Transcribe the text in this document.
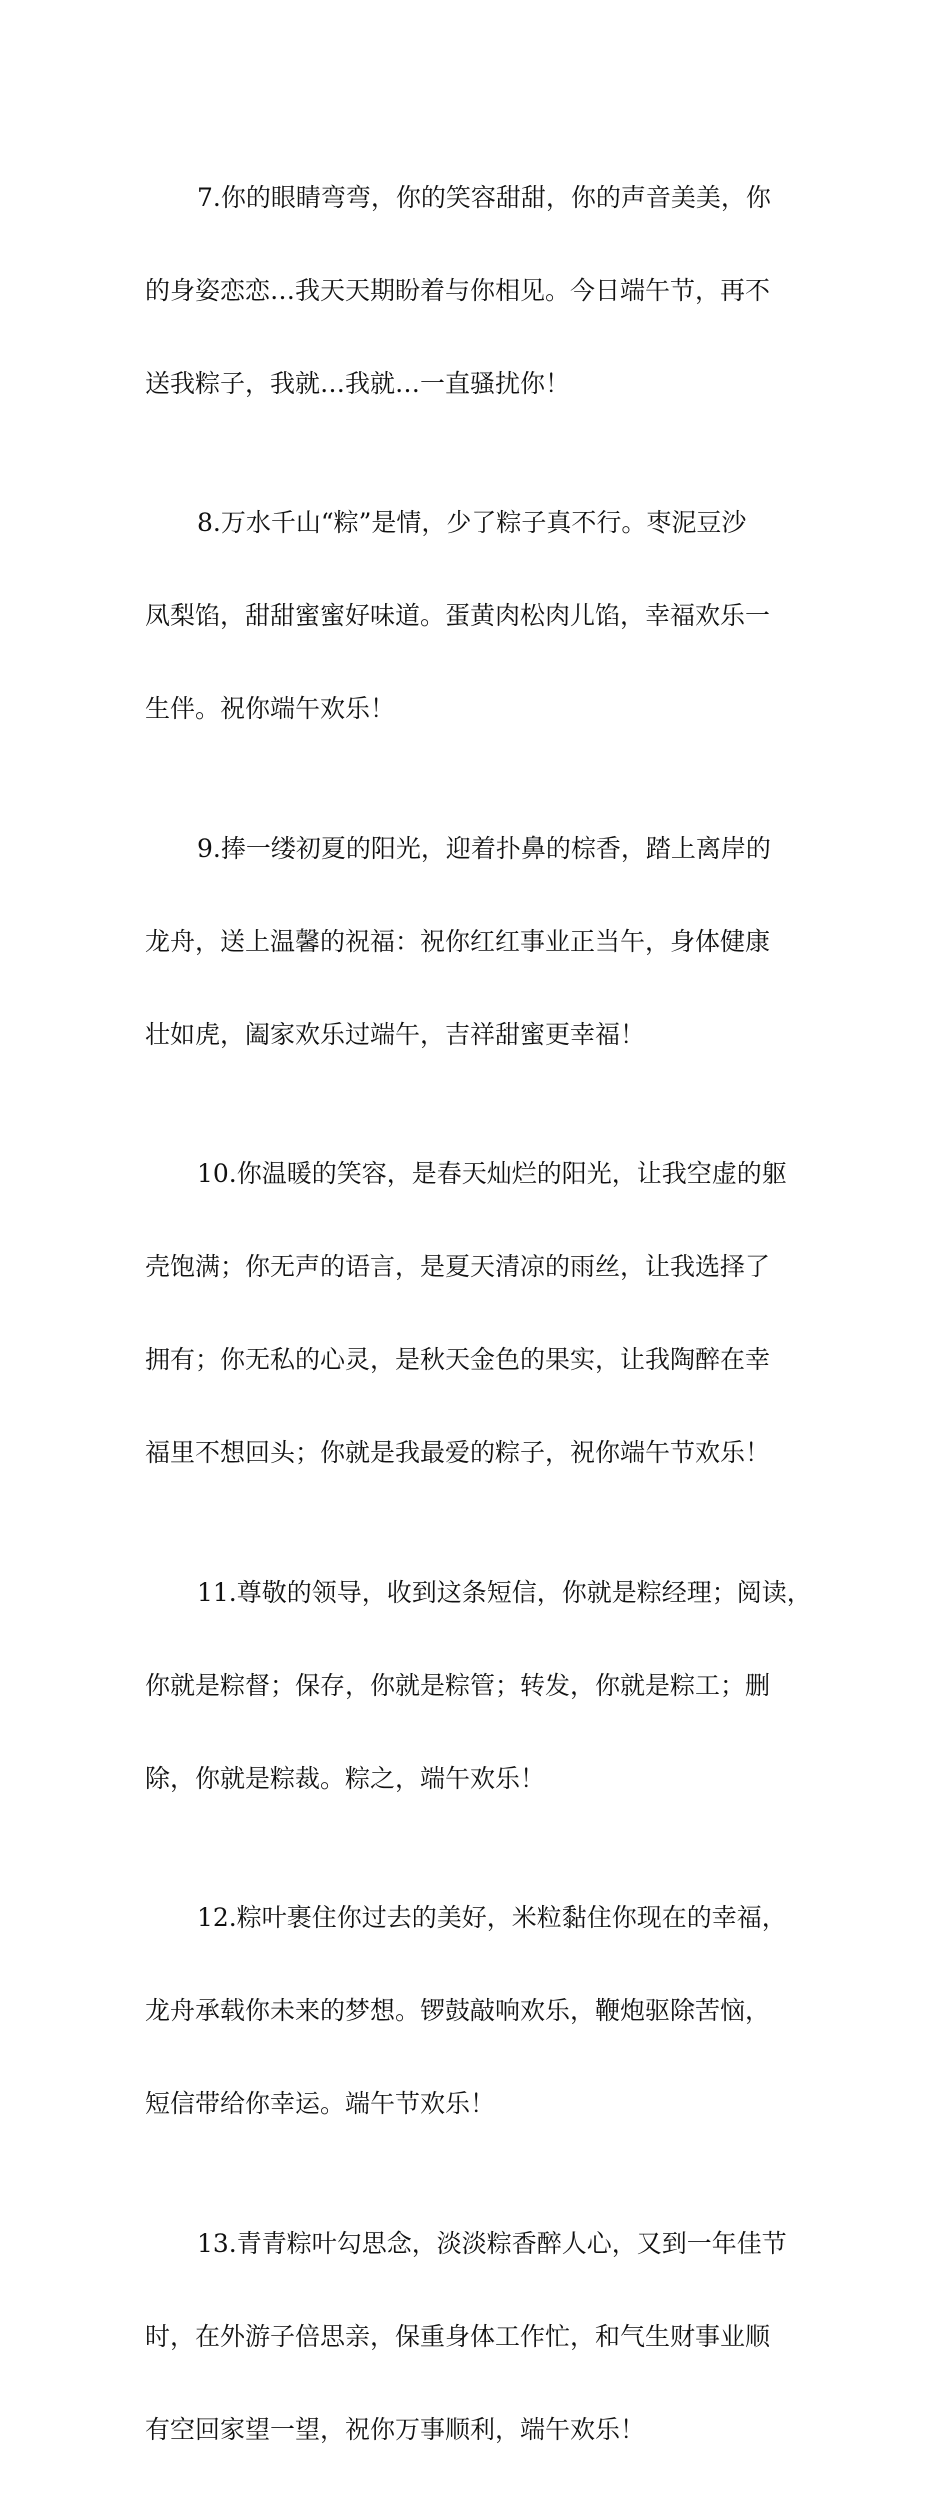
7.你的眼睛弯弯，你的笑容甜甜，你的声音美美，你

的身姿恋恋…我天天期盼着与你相见。今日端午节，再不

送我粽子，我就…我就…一直骚扰你！

8.万水千山“粽”是情，少了粽子真不行。枣泥豆沙

凤梨馅，甜甜蜜蜜好味道。蛋黄肉松肉儿馅，幸福欢乐一

生伴。祝你端午欢乐！

9.捧一缕初夏的阳光，迎着扑鼻的棕香，踏上离岸的

龙舟，送上温馨的祝福：祝你红红事业正当午，身体健康

壮如虎，阖家欢乐过端午，吉祥甜蜜更幸福！

10.你温暖的笑容，是春天灿烂的阳光，让我空虚的躯

壳饱满；你无声的语言，是夏天清凉的雨丝，让我选择了

拥有；你无私的心灵，是秋天金色的果实，让我陶醉在幸

福里不想回头；你就是我最爱的粽子，祝你端午节欢乐！

11.尊敬的领导，收到这条短信，你就是粽经理；阅读，

你就是粽督；保存，你就是粽管；转发，你就是粽工；删

除，你就是粽裁。粽之，端午欢乐！

12.粽叶裹住你过去的美好，米粒黏住你现在的幸福，

龙舟承载你未来的梦想。锣鼓敲响欢乐，鞭炮驱除苦恼，

短信带给你幸运。端午节欢乐！

13.青青粽叶勾思念，淡淡粽香醉人心，又到一年佳节

时，在外游子倍思亲，保重身体工作忙，和气生财事业顺

有空回家望一望，祝你万事顺利，端午欢乐！
